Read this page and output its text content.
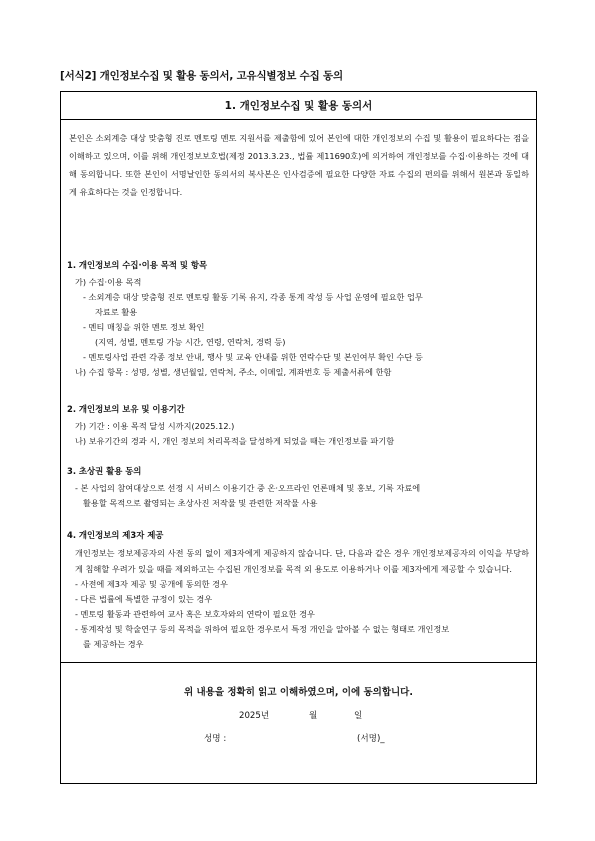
[서식2] 개인정보수집 및 활용 동의서, 고유식별정보 수집 동의
1. 개인정보수집 및 활용 동의서
본인은 소외계층 대상 맞춤형 진로 멘토링 멘토 지원서를 제출함에 있어 본인에 대한 개인정보의 수집 및 활용이 필요하다는 점을 이해하고 있으며, 이를 위해 개인정보보호법(제정 2013.3.23., 법률 제11690호)에 의거하여 개인정보를 수집·이용하는 것에 대해 동의합니다. 또한 본인이 서명날인한 동의서의 복사본은 인사검증에 필요한 다양한 자료 수집의 편의를 위해서 원본과 동일하게 유효하다는 것을 인정합니다.
1. 개인정보의 수집·이용 목적 및 항목
가) 수집·이용 목적
- 소외계층 대상 맞춤형 진로 멘토링 활동 기록 유지, 각종 통계 작성 등 사업 운영에 필요한 업무
자료로 활용
- 멘티 매칭을 위한 멘토 정보 확인
(지역, 성별, 멘토링 가능 시간, 연령, 연락처, 경력 등)
- 멘토링사업 관련 각종 정보 안내, 행사 및 교육 안내를 위한 연락수단 및 본인여부 확인 수단 등
나) 수집 항목 : 성명, 성별, 생년월일, 연락처, 주소, 이메일, 계좌번호 등 제출서류에 한함
2. 개인정보의 보유 및 이용기간
가) 기간 : 이용 목적 달성 시까지(2025.12.)
나) 보유기간의 경과 시, 개인 정보의 처리목적을 달성하게 되었을 때는 개인정보를 파기함
3. 초상권 활용 동의
- 본 사업의 참여대상으로 선정 시 서비스 이용기간 중 온·오프라인 언론매체 및 홍보, 기록 자료에
활용할 목적으로 촬영되는 초상사진 저작물 및 관련한 저작물 사용
4. 개인정보의 제3자 제공
개인정보는 정보제공자의 사전 동의 없이 제3자에게 제공하지 않습니다. 단, 다음과 같은 경우 개인정보제공자의 이익을 부당하게 침해할 우려가 있을 때를 제외하고는 수집된 개인정보를 목적 외 용도로 이용하거나 이를 제3자에게 제공할 수 있습니다.
- 사전에 제3자 제공 및 공개에 동의한 경우
- 다른 법률에 특별한 규정이 있는 경우
- 멘토링 활동과 관련하여 교사 혹은 보호자와의 연락이 필요한 경우
- 통계작성 및 학술연구 등의 목적을 위하여 필요한 경우로서 특정 개인을 알아볼 수 없는 형태로 개인정보
를 제공하는 경우
위 내용을 정확히 읽고 이해하였으며, 이에 동의합니다.
2025년	월	일
성명 :	(서명)_
